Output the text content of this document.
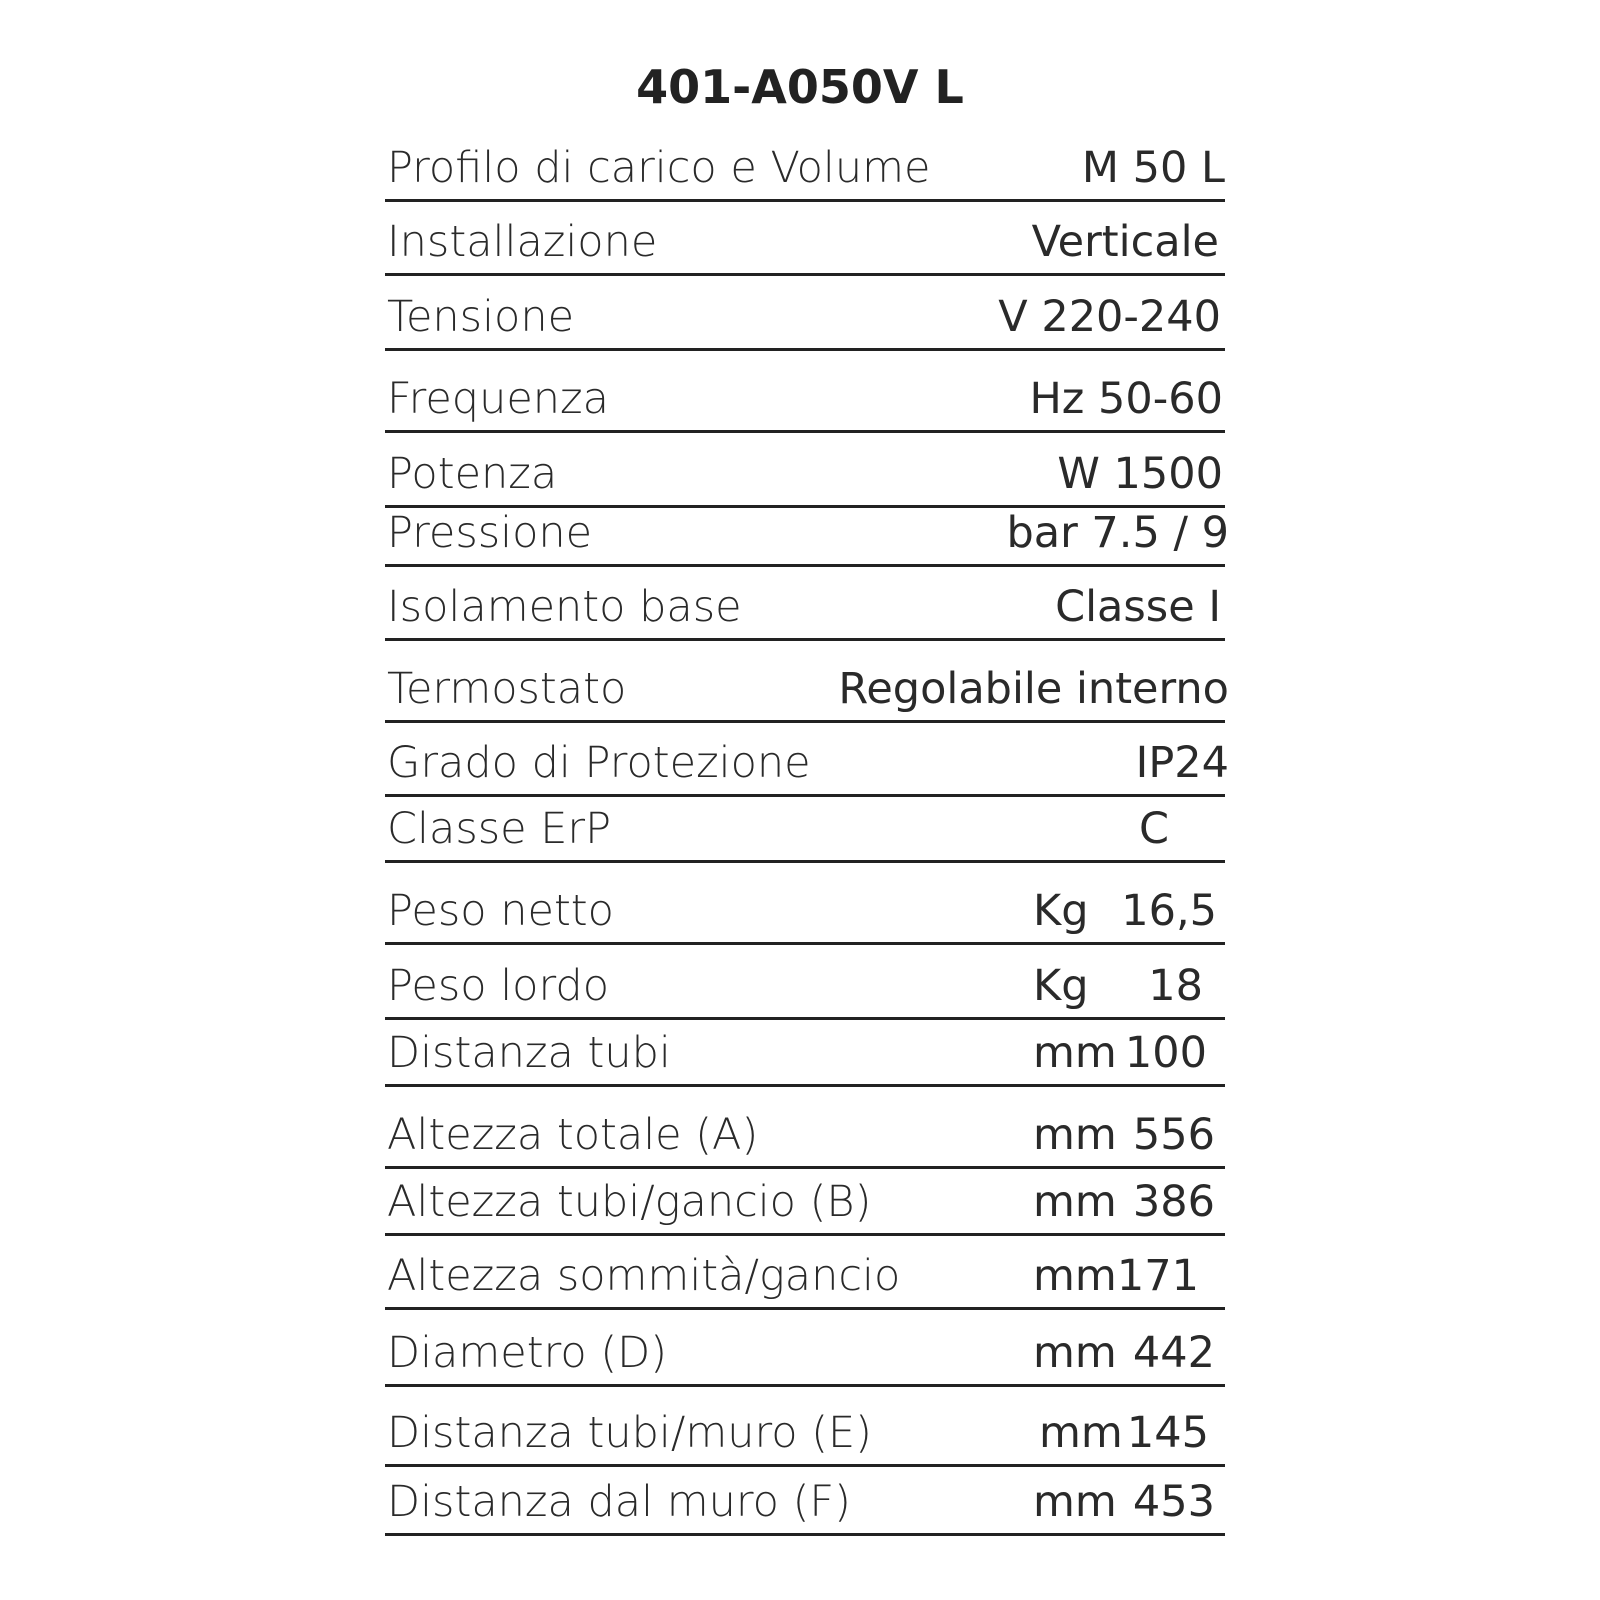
401-A050V L
Profilo di carico e Volume	M 50 L
Installazione	Verticale
Tensione	V 220-240
Frequenza	Hz 50-60
Potenza	W 1500
Pressione	bar 7.5 / 9
Isolamento base	Classe I
Termostato	Regolabile interno
Grado di Protezione	IP24
Classe ErP	C
Peso netto	Kg 16,5
Peso lordo	Kg 18
Distanza tubi	mm 100
Altezza totale (A)	mm 556
Altezza tubi/gancio (B)	mm 386
Altezza sommità/gancio	mm 171
Diametro (D)	mm 442
Distanza tubi/muro (E)	mm 145
Distanza dal muro (F)	mm 453
